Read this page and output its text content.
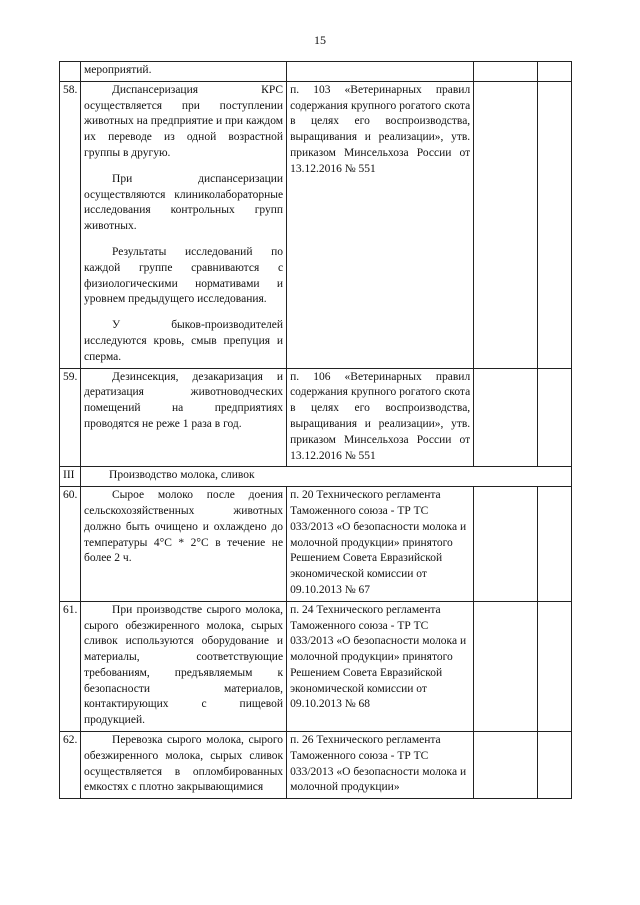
15

	мероприятий.			

58.	Диспансеризация КРС осуществляется при поступлении животных на предприятие и при каждом их переводе из одной возрастной группы в другую.

При диспансеризации осуществляются клиниколабораторные исследования контрольных групп животных.

Результаты исследований по каждой группе сравниваются с физиологическими нормативами и уровнем предыдущего исследования.

У быков-производителей исследуются кровь, смыв препуция и сперма.	п. 103 «Ветеринарных правил содержания крупного рогатого скота в целях его воспроизводства, выращивания и реализации», утв. приказом Минсельхоза России от 13.12.2016 № 551		
59.	Дезинсекция, дезакаризация и дератизация животноводческих помещений на предприятиях проводятся не реже 1 раза в год.	п. 106 «Ветеринарных правил содержания крупного рогатого скота в целях его воспроизводства, выращивания и реализации», утв. приказом Минсельхоза России от 13.12.2016 № 551		
III	Производство молока, сливок			
60.	Сырое молоко после доения сельскохозяйственных животных должно быть очищено и охлаждено до температуры 4°C * 2°C в течение не более 2 ч.	п. 20 Технического регламента Таможенного союза - ТР ТС 033/2013 «О безопасности молока и молочной продукции» принятого Решением Совета Евразийской экономической комиссии от 09.10.2013 № 67		
61.	При производстве сырого молока, сырого обезжиренного молока, сырых сливок используются оборудование и материалы, соответствующие требованиям, предъявляемым к безопасности материалов, контактирующих с пищевой продукцией.	п. 24 Технического регламента Таможенного союза - ТР ТС 033/2013 «О безопасности молока и молочной продукции» принятого Решением Совета Евразийской экономической комиссии от 09.10.2013 № 68		
62.	Перевозка сырого молока, сырого обезжиренного молока, сырых сливок осуществляется в опломбированных емкостях с плотно закрывающимися	п. 26 Технического регламента Таможенного союза - ТР ТС 033/2013 «О безопасности молока и молочной продукции»		
